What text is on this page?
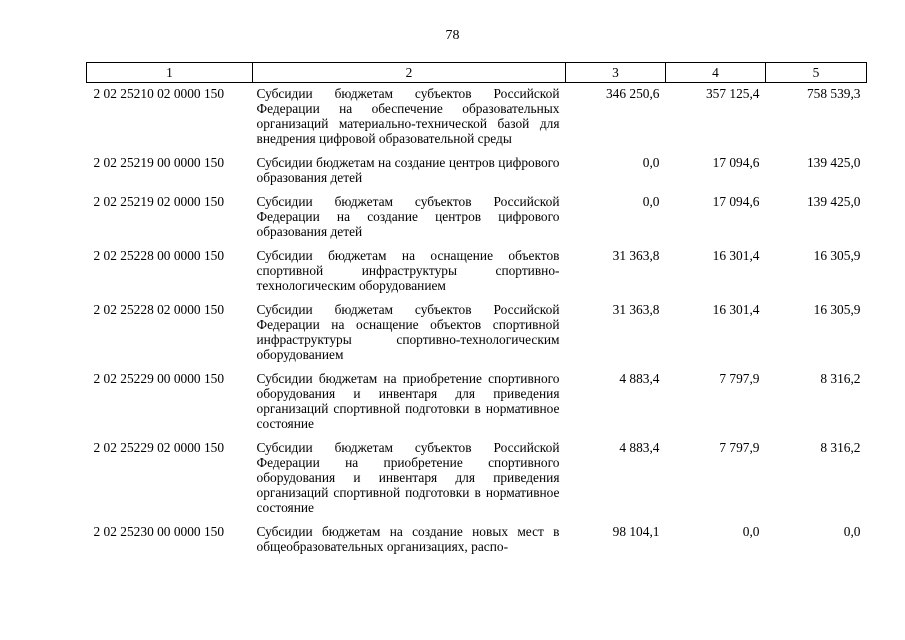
78
1	2	3	4	5
2 02 25210 02 0000 150	Субсидии бюджетам субъектов Российской Федерации на обеспечение образовательных организаций материально-технической базой для внедрения цифровой образовательной среды	346 250,6	357 125,4	758 539,3
2 02 25219 00 0000 150	Субсидии бюджетам на создание центров цифрового образования детей	0,0	17 094,6	139 425,0
2 02 25219 02 0000 150	Субсидии бюджетам субъектов Российской Федерации на создание центров цифрового образования детей	0,0	17 094,6	139 425,0
2 02 25228 00 0000 150	Субсидии бюджетам на оснащение объектов спортивной инфраструктуры спортивно-технологическим оборудованием	31 363,8	16 301,4	16 305,9
2 02 25228 02 0000 150	Субсидии бюджетам субъектов Российской Федерации на оснащение объектов спортивной инфраструктуры спортивно-технологическим оборудованием	31 363,8	16 301,4	16 305,9
2 02 25229 00 0000 150	Субсидии бюджетам на приобретение спортивного оборудования и инвентаря для приведения организаций спортивной подготовки в нормативное состояние	4 883,4	7 797,9	8 316,2
2 02 25229 02 0000 150	Субсидии бюджетам субъектов Российской Федерации на приобретение спортивного оборудования и инвентаря для приведения организаций спортивной подготовки в нормативное состояние	4 883,4	7 797,9	8 316,2
2 02 25230 00 0000 150	Субсидии бюджетам на создание новых мест в общеобразовательных организациях, распо-	98 104,1	0,0	0,0
